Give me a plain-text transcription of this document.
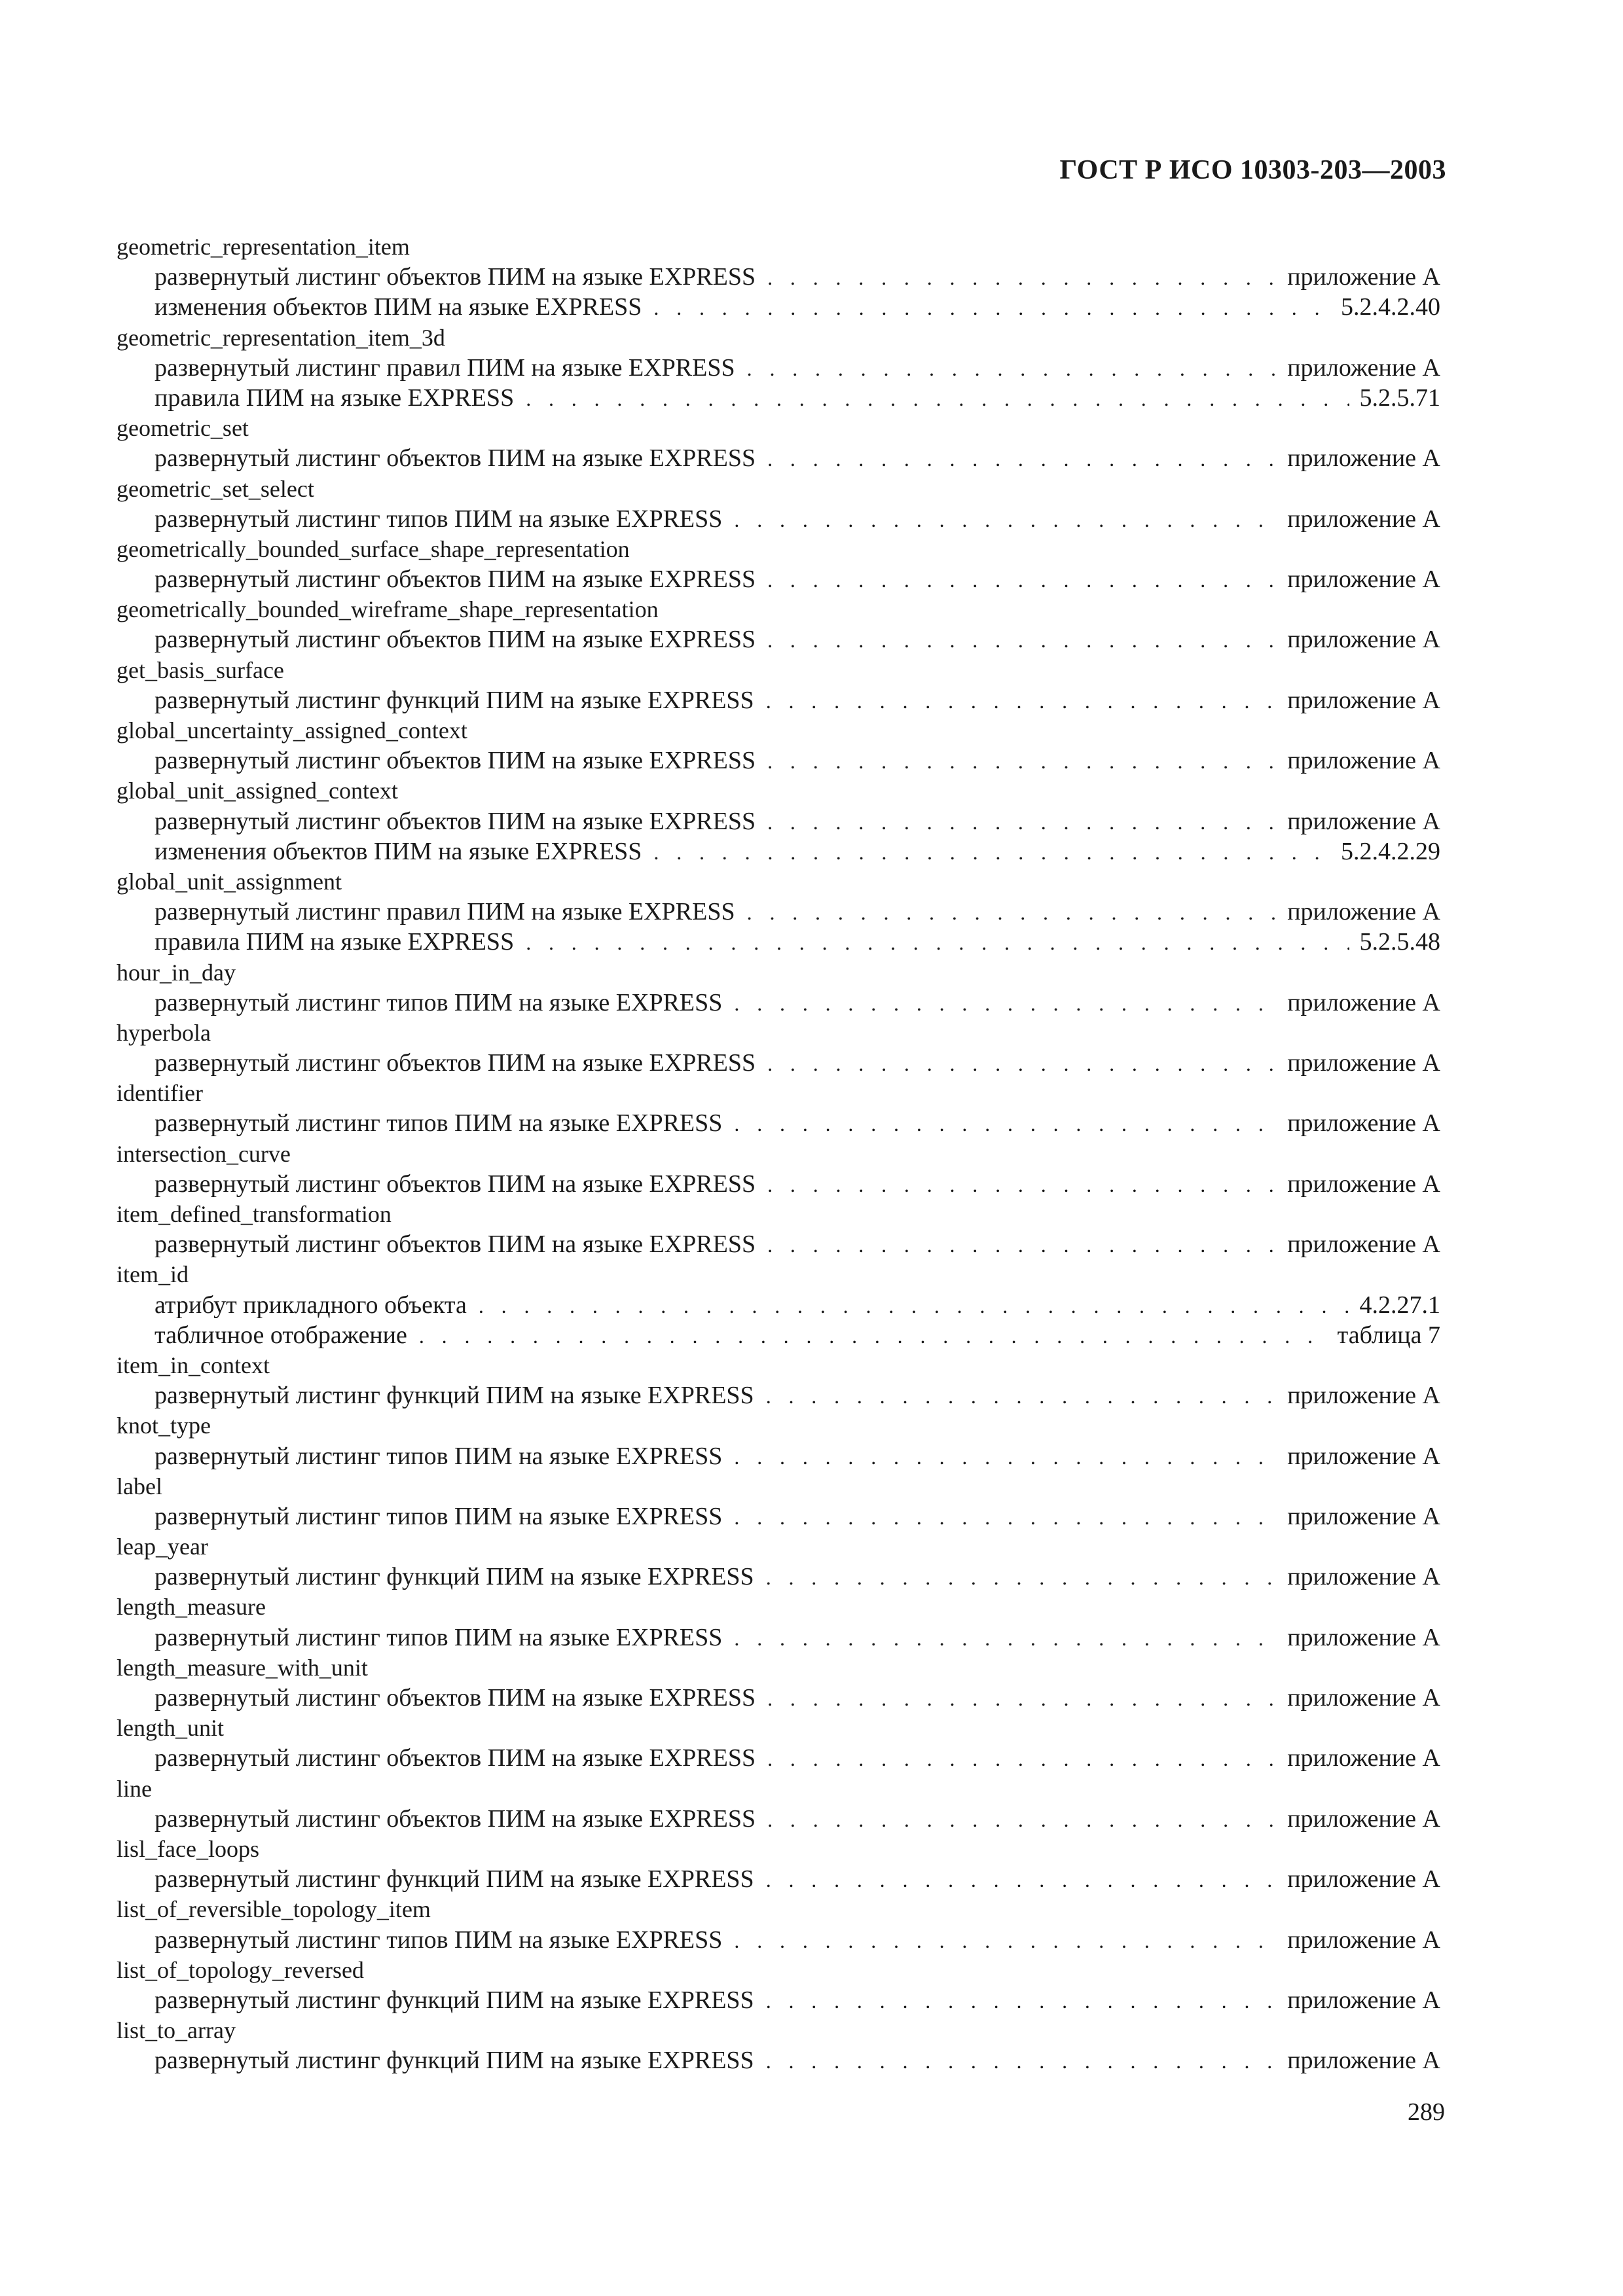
ГОСТ Р ИСО 10303-203—2003
geometric_representation_item
развернутый листинг объектов ПИМ на языке EXPRESS . . .	приложение A
изменения объектов ПИМ на языке EXPRESS . . .	5.2.4.2.40
geometric_representation_item_3d
развернутый листинг правил ПИМ на языке EXPRESS . . .	приложение A
правила ПИМ на языке EXPRESS . . .	5.2.5.71
geometric_set
развернутый листинг объектов ПИМ на языке EXPRESS . . .	приложение A
geometric_set_select
развернутый листинг типов ПИМ на языке EXPRESS . . .	приложение A
geometrically_bounded_surface_shape_representation
развернутый листинг объектов ПИМ на языке EXPRESS . . .	приложение A
geometrically_bounded_wireframe_shape_representation
развернутый листинг объектов ПИМ на языке EXPRESS . . .	приложение A
get_basis_surface
развернутый листинг функций ПИМ на языке EXPRESS . . .	приложение A
global_uncertainty_assigned_context
развернутый листинг объектов ПИМ на языке EXPRESS . . .	приложение A
global_unit_assigned_context
развернутый листинг объектов ПИМ на языке EXPRESS . . .	приложение A
изменения объектов ПИМ на языке EXPRESS . . .	5.2.4.2.29
global_unit_assignment
развернутый листинг правил ПИМ на языке EXPRESS . . .	приложение A
правила ПИМ на языке EXPRESS . . .	5.2.5.48
hour_in_day
развернутый листинг типов ПИМ на языке EXPRESS . . .	приложение A
hyperbola
развернутый листинг объектов ПИМ на языке EXPRESS . . .	приложение A
identifier
развернутый листинг типов ПИМ на языке EXPRESS . . .	приложение A
intersection_curve
развернутый листинг объектов ПИМ на языке EXPRESS . . .	приложение A
item_defined_transformation
развернутый листинг объектов ПИМ на языке EXPRESS . . .	приложение A
item_id
атрибут прикладного объекта . . .	4.2.27.1
табличное отображение . . .	таблица 7
item_in_context
развернутый листинг функций ПИМ на языке EXPRESS . . .	приложение A
knot_type
развернутый листинг типов ПИМ на языке EXPRESS . . .	приложение A
label
развернутый листинг типов ПИМ на языке EXPRESS . . .	приложение A
leap_year
развернутый листинг функций ПИМ на языке EXPRESS . . .	приложение A
length_measure
развернутый листинг типов ПИМ на языке EXPRESS . . .	приложение A
length_measure_with_unit
развернутый листинг объектов ПИМ на языке EXPRESS . . .	приложение A
length_unit
развернутый листинг объектов ПИМ на языке EXPRESS . . .	приложение A
line
развернутый листинг объектов ПИМ на языке EXPRESS . . .	приложение A
lisl_face_loops
развернутый листинг функций ПИМ на языке EXPRESS . . .	приложение A
list_of_reversible_topology_item
развернутый листинг типов ПИМ на языке EXPRESS . . .	приложение A
list_of_topology_reversed
развернутый листинг функций ПИМ на языке EXPRESS . . .	приложение A
list_to_array
развернутый листинг функций ПИМ на языке EXPRESS . . .	приложение A
289
